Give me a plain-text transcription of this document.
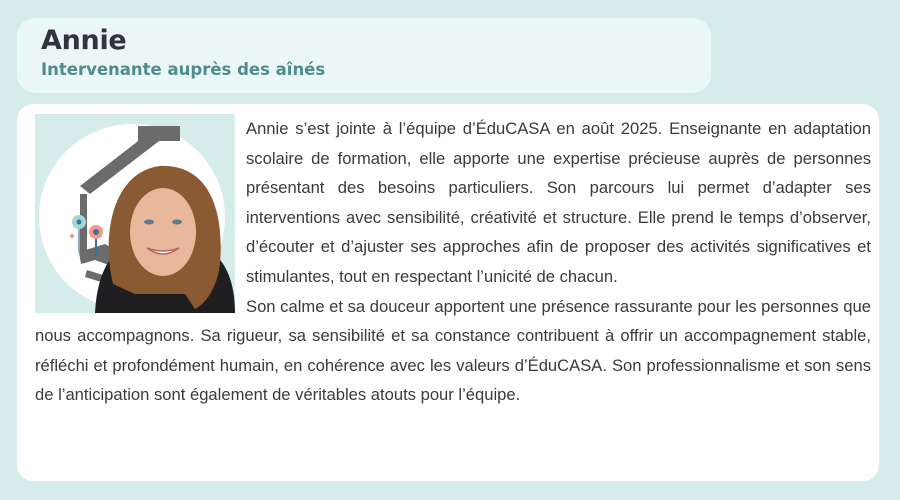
Annie
Intervenante auprès des aînés

Annie s’est jointe à l’équipe d’ÉduCASA en août 2025. Enseignante en adaptation scolaire de formation, elle apporte une expertise précieuse auprès de personnes présentant des besoins particuliers. Son parcours lui permet d’adapter ses interventions avec sensibilité, créativité et structure. Elle prend le temps d’observer, d’écouter et d’ajuster ses approches afin de proposer des activités significatives et stimulantes, tout en respectant l’unicité de chacun.

Son calme et sa douceur apportent une présence rassurante pour les personnes que nous accompagnons. Sa rigueur, sa sensibilité et sa constance contribuent à offrir un accompagnement stable, réfléchi et profondément humain, en cohérence avec les valeurs d’ÉduCASA. Son professionnalisme et son sens de l’anticipation sont également de véritables atouts pour l’équipe.
